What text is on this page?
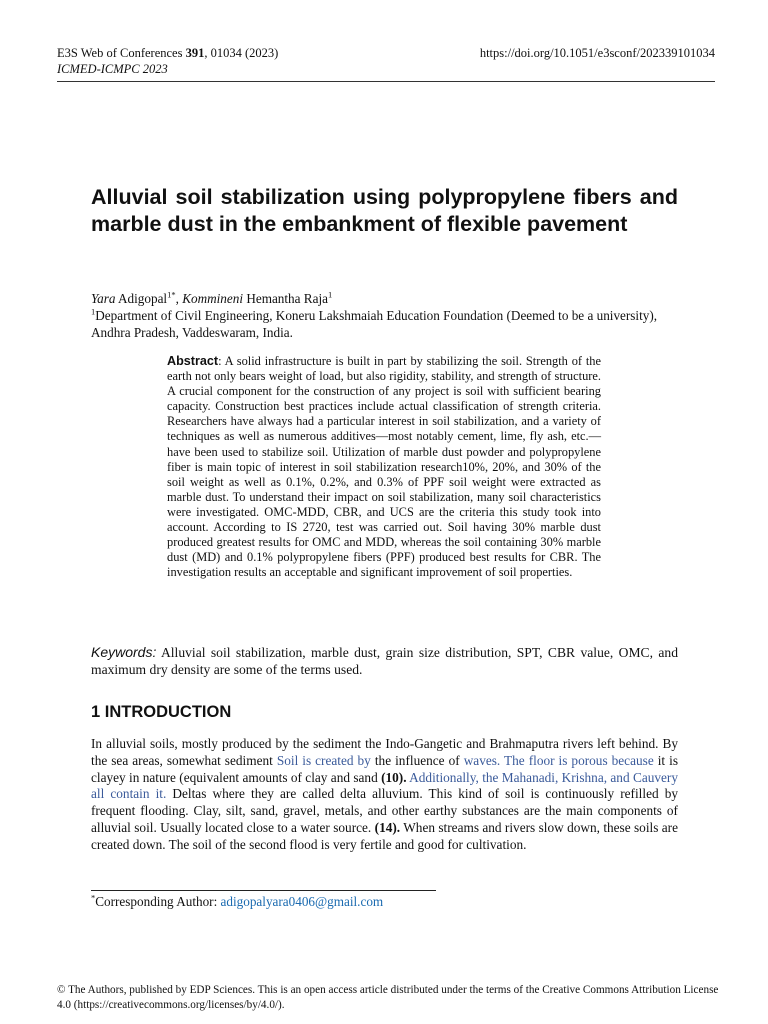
E3S Web of Conferences 391, 01034 (2023)	https://doi.org/10.1051/e3sconf/202339101034
ICMED-ICMPC 2023
Alluvial soil stabilization using polypropylene fibers and marble dust in the embankment of flexible pavement
Yara Adigopal$^{1*}$, Kommineni Hemantha Raja$^1$
$^1$Department of Civil Engineering, Koneru Lakshmaiah Education Foundation (Deemed to be a university), Andhra Pradesh, Vaddeswaram, India.
Abstract: A solid infrastructure is built in part by stabilizing the soil. Strength of the earth not only bears weight of load, but also rigidity, stability, and strength of structure. A crucial component for the construction of any project is soil with sufficient bearing capacity. Construction best practices include actual classification of strength criteria. Researchers have always had a particular interest in soil stabilization, and a variety of techniques as well as numerous additives—most notably cement, lime, fly ash, etc.—have been used to stabilize soil. Utilization of marble dust powder and polypropylene fiber is main topic of interest in soil stabilization research10%, 20%, and 30% of the soil weight as well as 0.1%, 0.2%, and 0.3% of PPF soil weight were extracted as marble dust. To understand their impact on soil stabilization, many soil characteristics were investigated. OMC-MDD, CBR, and UCS are the criteria this study took into account. According to IS 2720, test was carried out. Soil having 30% marble dust produced greatest results for OMC and MDD, whereas the soil containing 30% marble dust (MD) and 0.1% polypropylene fibers (PPF) produced best results for CBR. The investigation results an acceptable and significant improvement of soil properties.
Keywords: Alluvial soil stabilization, marble dust, grain size distribution, SPT, CBR value, OMC, and maximum dry density are some of the terms used.
1 INTRODUCTION
In alluvial soils, mostly produced by the sediment the Indo-Gangetic and Brahmaputra rivers left behind. By the sea areas, somewhat sediment Soil is created by the influence of waves. The floor is porous because it is clayey in nature (equivalent amounts of clay and sand (10). Additionally, the Mahanadi, Krishna, and Cauvery all contain it. Deltas where they are called delta alluvium. This kind of soil is continuously refilled by frequent flooding. Clay, silt, sand, gravel, metals, and other earthy substances are the main components of alluvial soil. Usually located close to a water source. (14). When streams and rivers slow down, these soils are created down. The soil of the second flood is very fertile and good for cultivation.
*Corresponding Author: adigopalyara0406@gmail.com
© The Authors, published by EDP Sciences. This is an open access article distributed under the terms of the Creative Commons Attribution License 4.0 (https://creativecommons.org/licenses/by/4.0/).
